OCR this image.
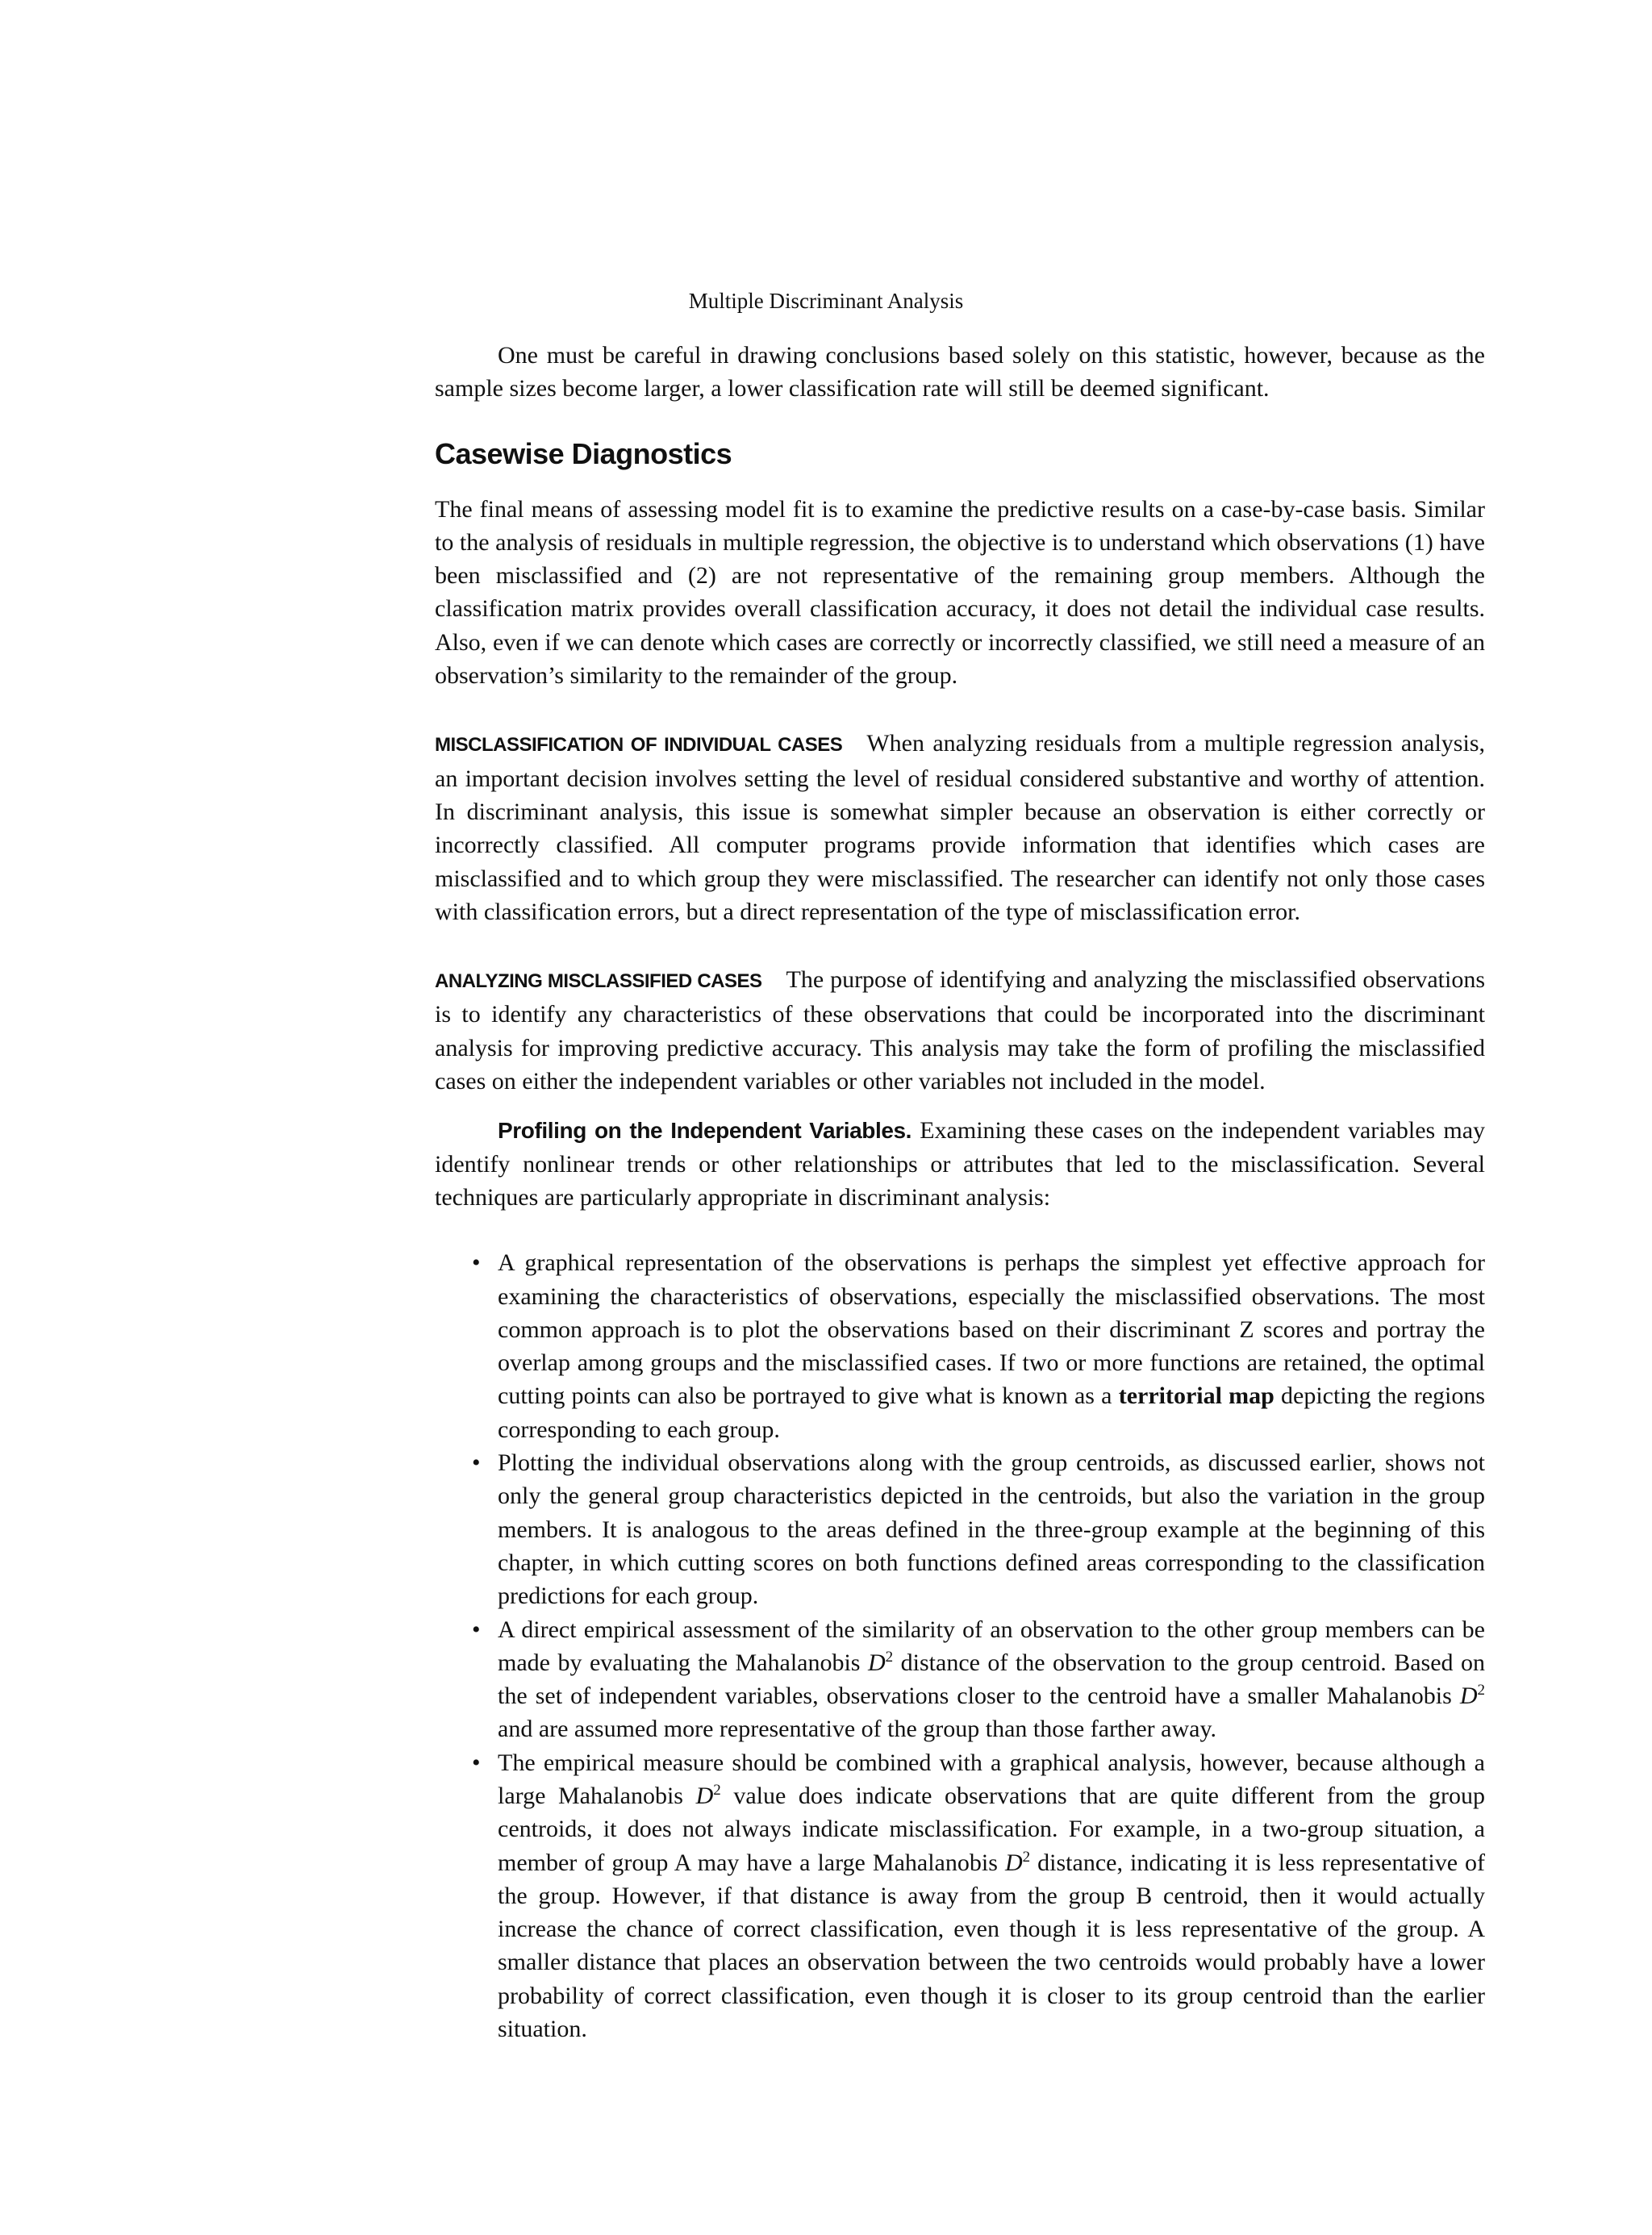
Multiple Discriminant Analysis

One must be careful in drawing conclusions based solely on this statistic, however, because as the sample sizes become larger, a lower classification rate will still be deemed significant.

Casewise Diagnostics

The final means of assessing model fit is to examine the predictive results on a case-by-case basis. Similar to the analysis of residuals in multiple regression, the objective is to understand which observations (1) have been misclassified and (2) are not representative of the remaining group members. Although the classification matrix provides overall classification accuracy, it does not detail the individual case results. Also, even if we can denote which cases are correctly or incorrectly classified, we still need a measure of an observation’s similarity to the remainder of the group.

MISCLASSIFICATION OF INDIVIDUAL CASES When analyzing residuals from a multiple regression analysis, an important decision involves setting the level of residual considered substantive and worthy of attention. In discriminant analysis, this issue is somewhat simpler because an observation is either correctly or incorrectly classified. All computer programs provide information that identifies which cases are misclassified and to which group they were misclassified. The researcher can identify not only those cases with classification errors, but a direct representation of the type of misclassification error.

ANALYZING MISCLASSIFIED CASES The purpose of identifying and analyzing the misclassified observations is to identify any characteristics of these observations that could be incorporated into the discriminant analysis for improving predictive accuracy. This analysis may take the form of profiling the misclassified cases on either the independent variables or other variables not included in the model.

Profiling on the Independent Variables. Examining these cases on the independent variables may identify nonlinear trends or other relationships or attributes that led to the misclassification. Several techniques are particularly appropriate in discriminant analysis:

• A graphical representation of the observations is perhaps the simplest yet effective approach for examining the characteristics of observations, especially the misclassified observations. The most common approach is to plot the observations based on their discriminant Z scores and portray the overlap among groups and the misclassified cases. If two or more functions are retained, the optimal cutting points can also be portrayed to give what is known as a territorial map depicting the regions corresponding to each group.
• Plotting the individual observations along with the group centroids, as discussed earlier, shows not only the general group characteristics depicted in the centroids, but also the variation in the group members. It is analogous to the areas defined in the three-group example at the beginning of this chapter, in which cutting scores on both functions defined areas corresponding to the classification predictions for each group.
• A direct empirical assessment of the similarity of an observation to the other group members can be made by evaluating the Mahalanobis $D^2$ distance of the observation to the group centroid. Based on the set of independent variables, observations closer to the centroid have a smaller Mahalanobis $D^2$ and are assumed more representative of the group than those farther away.
• The empirical measure should be combined with a graphical analysis, however, because although a large Mahalanobis $D^2$ value does indicate observations that are quite different from the group centroids, it does not always indicate misclassification. For example, in a two-group situation, a member of group A may have a large Mahalanobis $D^2$ distance, indicating it is less representative of the group. However, if that distance is away from the group B centroid, then it would actually increase the chance of correct classification, even though it is less representative of the group. A smaller distance that places an observation between the two centroids would probably have a lower probability of correct classification, even though it is closer to its group centroid than the earlier situation.
